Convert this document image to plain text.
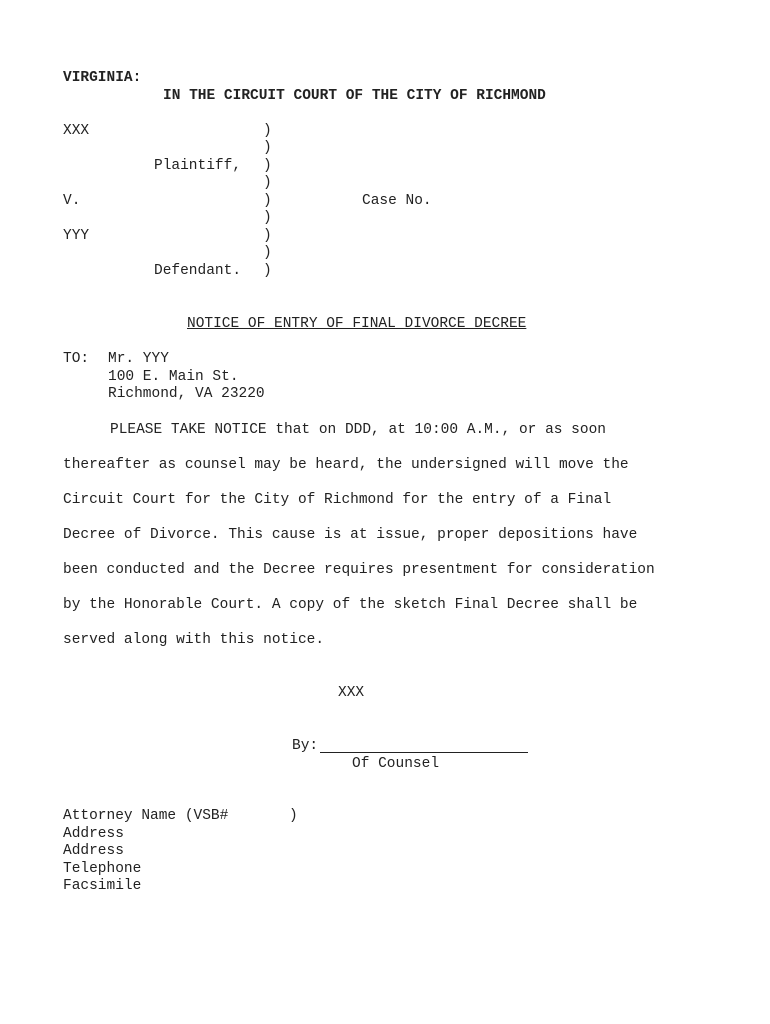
VIRGINIA:
IN THE CIRCUIT COURT OF THE CITY OF RICHMOND
XXX
Plaintiff,
V.
YYY
Defendant.
)
)
)
)
)
)
)
)
)
Case No.
NOTICE OF ENTRY OF FINAL DIVORCE DECREE
TO: Mr. YYY
100 E. Main St.
Richmond, VA 23220
PLEASE TAKE NOTICE that on DDD, at 10:00 A.M., or as soon
thereafter as counsel may be heard, the undersigned will move the
Circuit Court for the City of Richmond for the entry of a Final
Decree of Divorce. This cause is at issue, proper depositions have
been conducted and the Decree requires presentment for consideration
by the Honorable Court. A copy of the sketch Final Decree shall be
served along with this notice.
XXX
By:
Of Counsel
Attorney Name (VSB#	)
Address
Address
Telephone
Facsimile
